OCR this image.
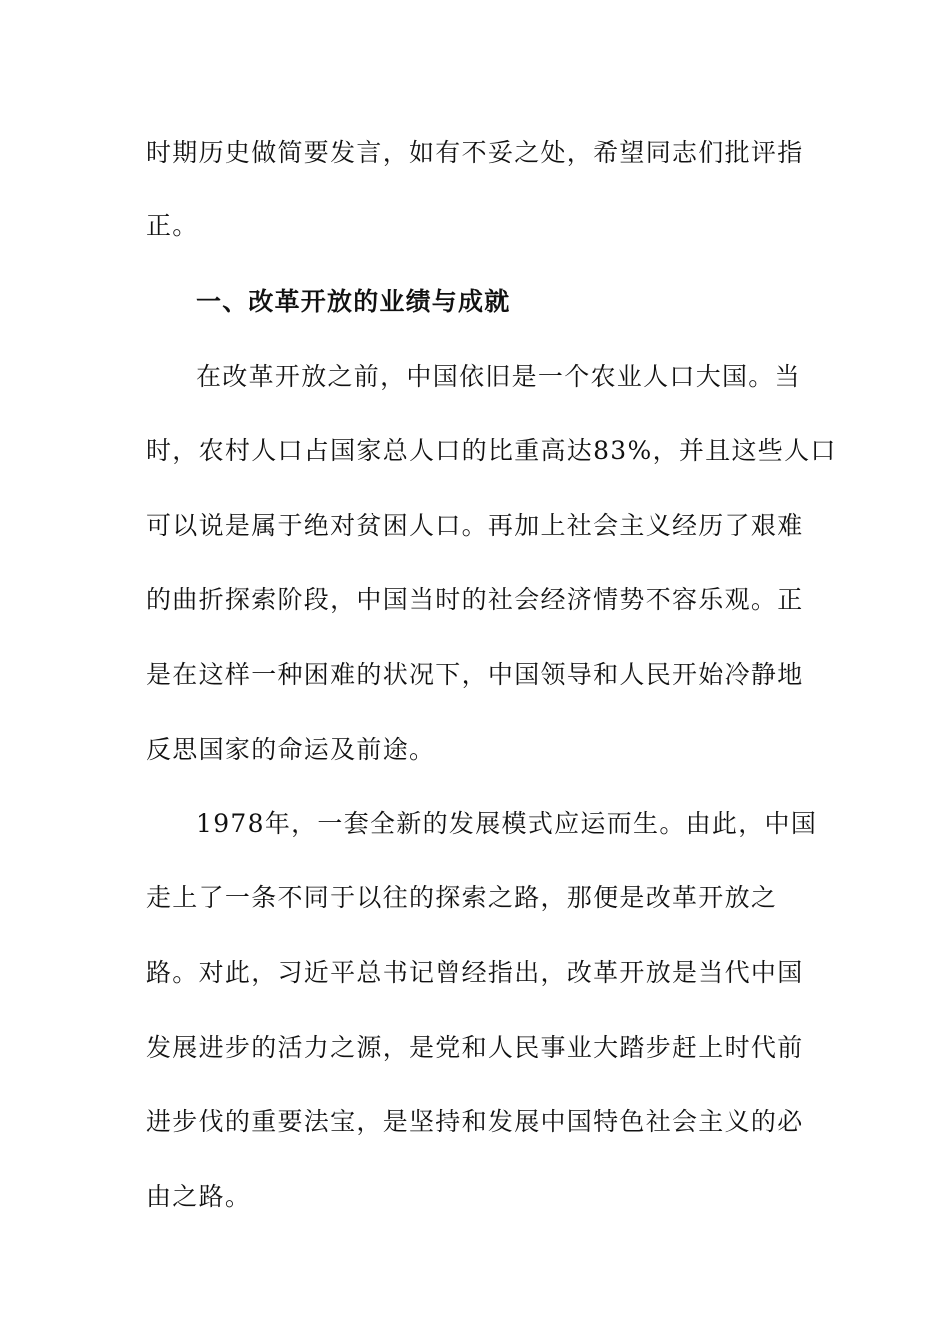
时期历史做简要发言，如有不妥之处，希望同志们批评指
正。
一、改革开放的业绩与成就
在改革开放之前，中国依旧是一个农业人口大国。当
时，农村人口占国家总人口的比重高达83%，并且这些人口
可以说是属于绝对贫困人口。再加上社会主义经历了艰难
的曲折探索阶段，中国当时的社会经济情势不容乐观。正
是在这样一种困难的状况下，中国领导和人民开始冷静地
反思国家的命运及前途。
1978年，一套全新的发展模式应运而生。由此，中国
走上了一条不同于以往的探索之路，那便是改革开放之
路。对此，习近平总书记曾经指出，改革开放是当代中国
发展进步的活力之源，是党和人民事业大踏步赶上时代前
进步伐的重要法宝，是坚持和发展中国特色社会主义的必
由之路。
